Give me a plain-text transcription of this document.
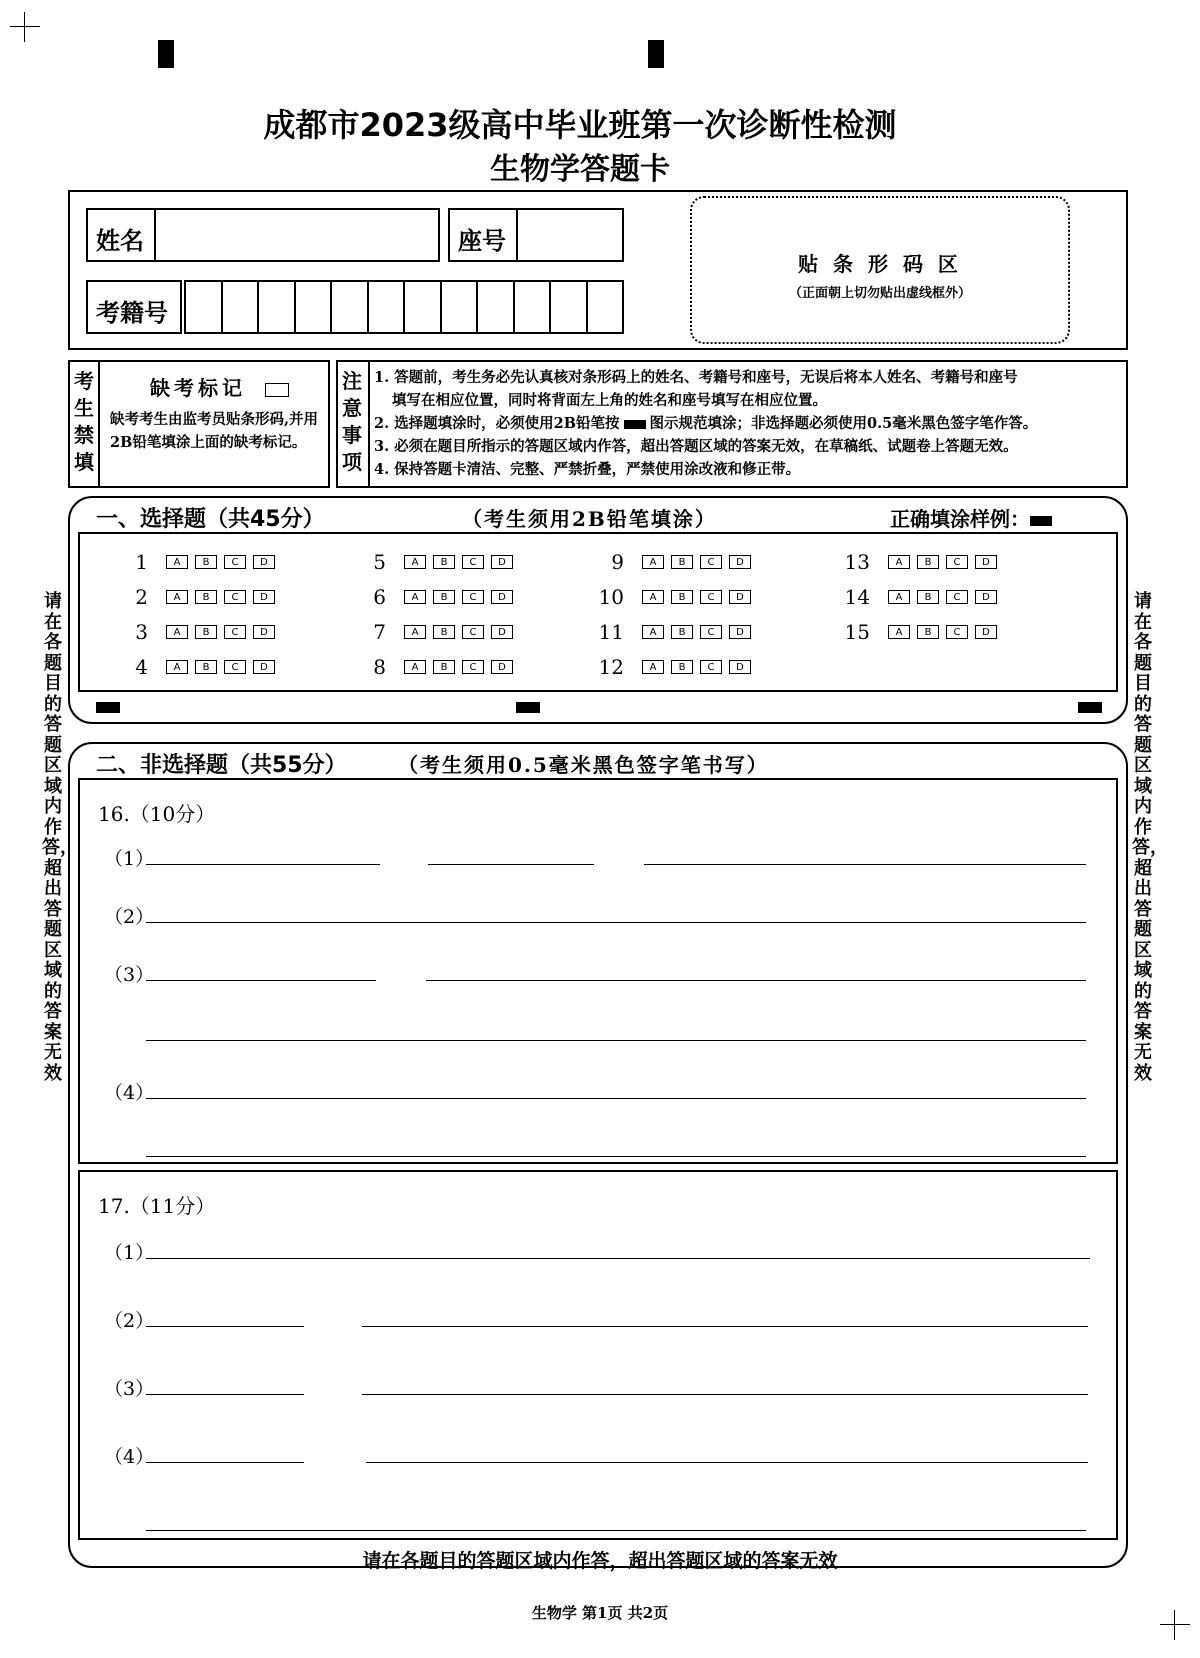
成都市2023级高中毕业班第一次诊断性检测
生物学答题卡
姓名	座号
考籍号
贴 条 形 码 区
（正面朝上切勿贴出虚线框外）
考生禁填
缺考标记
缺考考生由监考员贴条形码,并用2B铅笔填涂上面的缺考标记。
注意事项
1. 答题前，考生务必先认真核对条形码上的姓名、考籍号和座号，无误后将本人姓名、考籍号和座号
填写在相应位置，同时将背面左上角的姓名和座号填写在相应位置。
2. 选择题填涂时，必须使用2B铅笔按 图示规范填涂；非选择题必须使用0.5毫米黑色签字笔作答。
3. 必须在题目所指示的答题区域内作答，超出答题区域的答案无效，在草稿纸、试题卷上答题无效。
4. 保持答题卡清洁、完整、严禁折叠，严禁使用涂改液和修正带。
一、选择题（共45分）	（考生须用2B铅笔填涂）	正确填涂样例：
1	A	B	C	D
2	A	B	C	D
3	A	B	C	D
4	A	B	C	D
5	A	B	C	D
6	A	B	C	D
7	A	B	C	D
8	A	B	C	D
9	A	B	C	D
10	A	B	C	D
11	A	B	C	D
12	A	B	C	D
13	A	B	C	D
14	A	B	C	D
15	A	B	C	D
二、非选择题（共55分）	（考生须用0.5毫米黑色签字笔书写）
16.（10分）
（1）
（2）
（3）
（4）
17.（11分）
（1）
（2）
（3）
（4）
请在各题目的答题区域内作答，超出答题区域的答案无效
请在各题目的答题区域内作答，超出答题区域的答案无效
请在各题目的答题区域内作答，超出答题区域的答案无效
生物学 第1页 共2页
